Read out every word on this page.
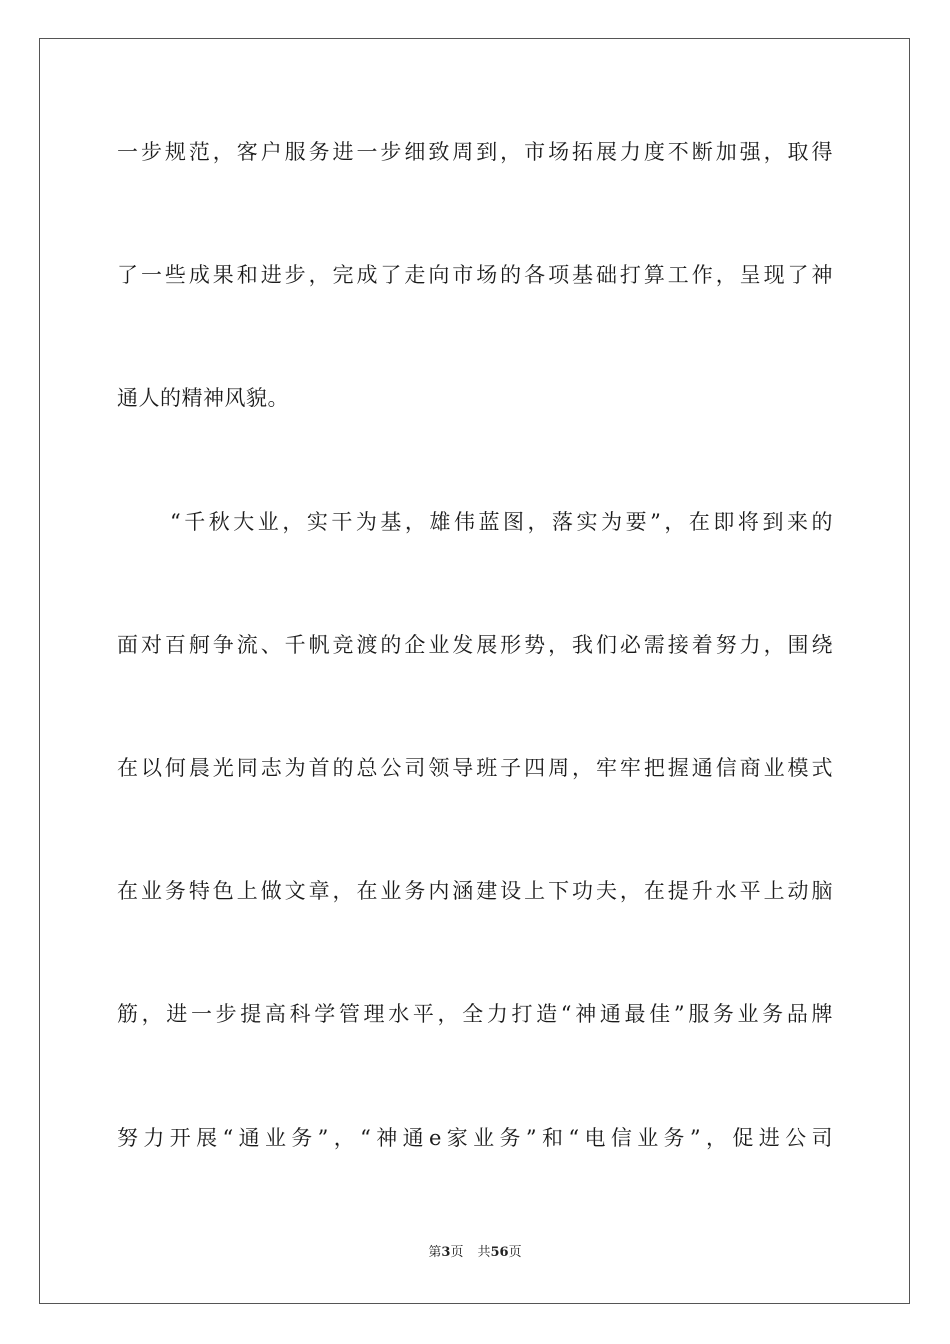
一步规范，客户服务进一步细致周到，市场拓展力度不断加强，取得
了一些成果和进步，完成了走向市场的各项基础打算工作，呈现了神
通人的精神风貌。
“千秋大业，实干为基，雄伟蓝图，落实为要”，在即将到来的
面对百舸争流、千帆竞渡的企业发展形势，我们必需接着努力，围绕
在以何晨光同志为首的总公司领导班子四周，牢牢把握通信商业模式
在业务特色上做文章，在业务内涵建设上下功夫，在提升水平上动脑
筋，进一步提高科学管理水平，全力打造“神通最佳”服务业务品牌
努力开展“通业务”，“神通e家业务”和“电信业务”，促进公司
第3页 共56页
